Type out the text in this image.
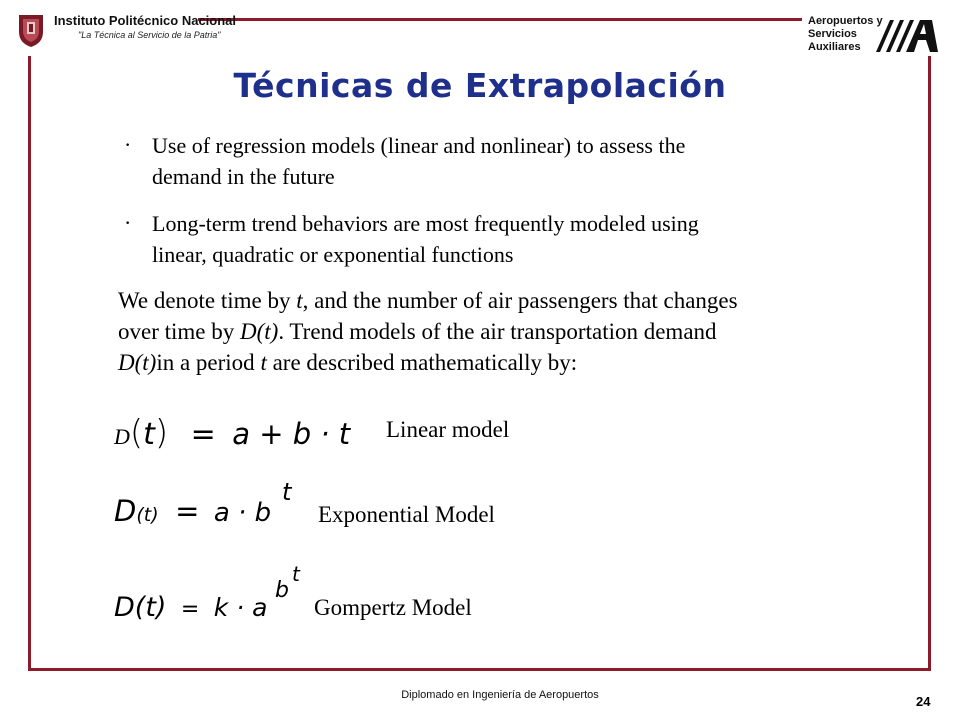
Instituto Politécnico Nacional
"La Técnica al Servicio de la Patria"
Aeropuertos y
Servicios
Auxiliares
Técnicas de Extrapolación
· Use of regression models (linear and nonlinear) to assess the
demand in the future
· Long-term trend behaviors are most frequently modeled using
linear, quadratic or exponential functions
We denote time by t, and the number of air passengers that changes
over time by D(t). Trend models of the air transportation demand
D(t)in a period t are described mathematically by:
D(t) = a + b · t Linear model
D(t) = a · b
t
Exponential Model
D(t) = k · a
b
t
Gompertz Model
Diplomado en Ingeniería de Aeropuertos	24
